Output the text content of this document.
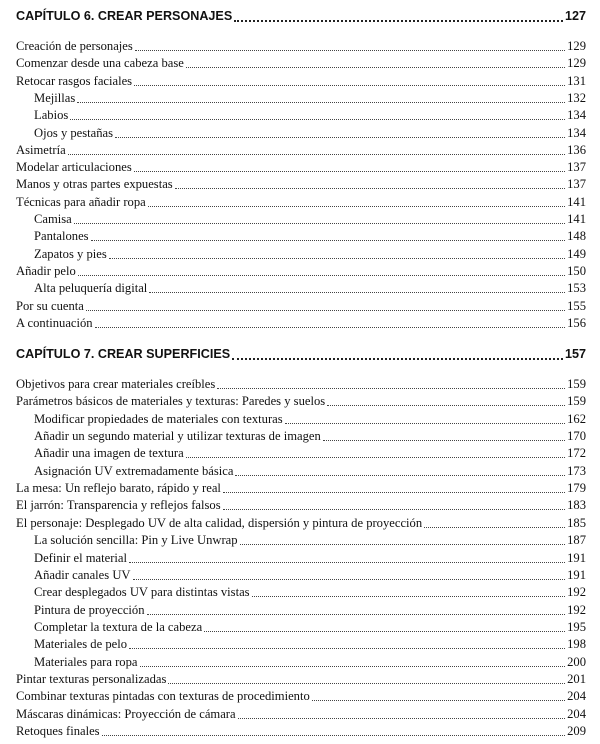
CAPÍTULO 6. CREAR PERSONAJES	127
Creación de personajes	129
Comenzar desde una cabeza base	129
Retocar rasgos faciales	131
Mejillas	132
Labios	134
Ojos y pestañas	134
Asimetría	136
Modelar articulaciones	137
Manos y otras partes expuestas	137
Técnicas para añadir ropa	141
Camisa	141
Pantalones	148
Zapatos y pies	149
Añadir pelo	150
Alta peluquería digital	153
Por su cuenta	155
A continuación	156
CAPÍTULO 7. CREAR SUPERFICIES	157
Objetivos para crear materiales creíbles	159
Parámetros básicos de materiales y texturas: Paredes y suelos	159
Modificar propiedades de materiales con texturas	162
Añadir un segundo material y utilizar texturas de imagen	170
Añadir una imagen de textura	172
Asignación UV extremadamente básica	173
La mesa: Un reflejo barato, rápido y real	179
El jarrón: Transparencia y reflejos falsos	183
El personaje: Desplegado UV de alta calidad, dispersión y pintura de proyección	185
La solución sencilla: Pin y Live Unwrap	187
Definir el material	191
Añadir canales UV	191
Crear desplegados UV para distintas vistas	192
Pintura de proyección	192
Completar la textura de la cabeza	195
Materiales de pelo	198
Materiales para ropa	200
Pintar texturas personalizadas	201
Combinar texturas pintadas con texturas de procedimiento	204
Máscaras dinámicas: Proyección de cámara	204
Retoques finales	209
